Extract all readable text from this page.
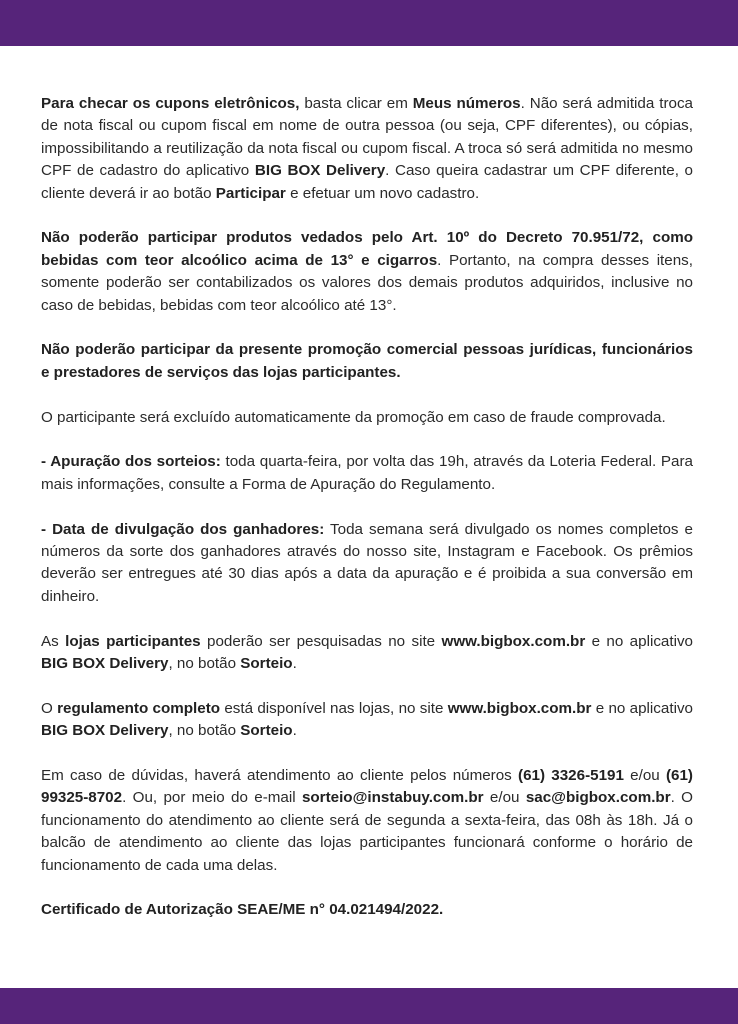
Para checar os cupons eletrônicos, basta clicar em Meus números. Não será admitida troca de nota fiscal ou cupom fiscal em nome de outra pessoa (ou seja, CPF diferentes), ou cópias, impossibilitando a reutilização da nota fiscal ou cupom fiscal. A troca só será admitida no mesmo CPF de cadastro do aplicativo BIG BOX Delivery. Caso queira cadastrar um CPF diferente, o cliente deverá ir ao botão Participar e efetuar um novo cadastro.

Não poderão participar produtos vedados pelo Art. 10º do Decreto 70.951/72, como bebidas com teor alcoólico acima de 13° e cigarros. Portanto, na compra desses itens, somente poderão ser contabilizados os valores dos demais produtos adquiridos, inclusive no caso de bebidas, bebidas com teor alcoólico até 13°.

Não poderão participar da presente promoção comercial pessoas jurídicas, funcionários e prestadores de serviços das lojas participantes.

O participante será excluído automaticamente da promoção em caso de fraude comprovada.

- Apuração dos sorteios: toda quarta-feira, por volta das 19h, através da Loteria Federal. Para mais informações, consulte a Forma de Apuração do Regulamento.

- Data de divulgação dos ganhadores: Toda semana será divulgado os nomes completos e números da sorte dos ganhadores através do nosso site, Instagram e Facebook. Os prêmios deverão ser entregues até 30 dias após a data da apuração e é proibida a sua conversão em dinheiro.

As lojas participantes poderão ser pesquisadas no site www.bigbox.com.br e no aplicativo BIG BOX Delivery, no botão Sorteio.

O regulamento completo está disponível nas lojas, no site www.bigbox.com.br e no aplicativo BIG BOX Delivery, no botão Sorteio.

Em caso de dúvidas, haverá atendimento ao cliente pelos números (61) 3326-5191 e/ou (61) 99325-8702. Ou, por meio do e-mail sorteio@instabuy.com.br e/ou sac@bigbox.com.br. O funcionamento do atendimento ao cliente será de segunda a sexta-feira, das 08h às 18h. Já o balcão de atendimento ao cliente das lojas participantes funcionará conforme o horário de funcionamento de cada uma delas.

Certificado de Autorização SEAE/ME n° 04.021494/2022.
